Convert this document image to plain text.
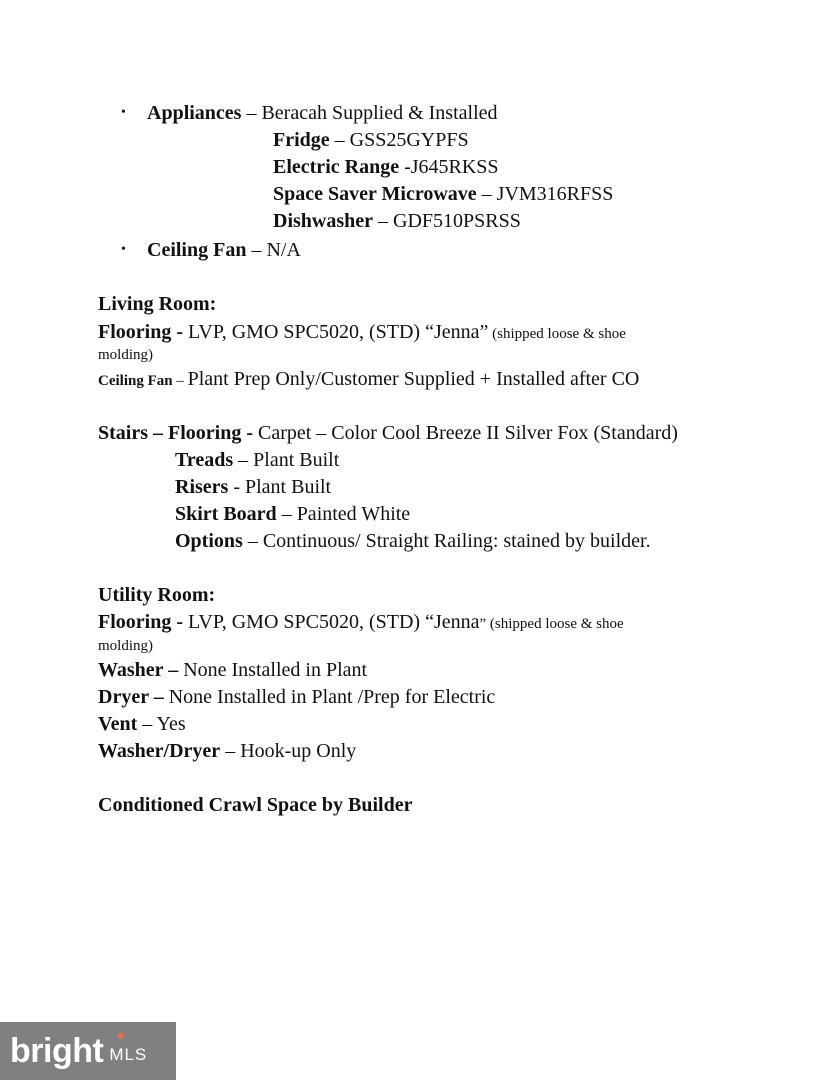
• Appliances – Beracah Supplied & Installed
Fridge – GSS25GYPFS
Electric Range -J645RKSS
Space Saver Microwave – JVM316RFSS
Dishwasher – GDF510PSRSS
• Ceiling Fan – N/A
Living Room:
Flooring - LVP, GMO SPC5020, (STD) “Jenna” (shipped loose & shoe
molding)
Ceiling Fan – Plant Prep Only/Customer Supplied + Installed after CO
Stairs – Flooring - Carpet – Color Cool Breeze II Silver Fox (Standard)
Treads – Plant Built
Risers - Plant Built
Skirt Board – Painted White
Options – Continuous/ Straight Railing: stained by builder.
Utility Room:
Flooring - LVP, GMO SPC5020, (STD) “Jenna” (shipped loose & shoe
molding)
Washer – None Installed in Plant
Dryer – None Installed in Plant /Prep for Electric
Vent – Yes
Washer/Dryer – Hook-up Only
Conditioned Crawl Space by Builder
bright ◆
MLS
